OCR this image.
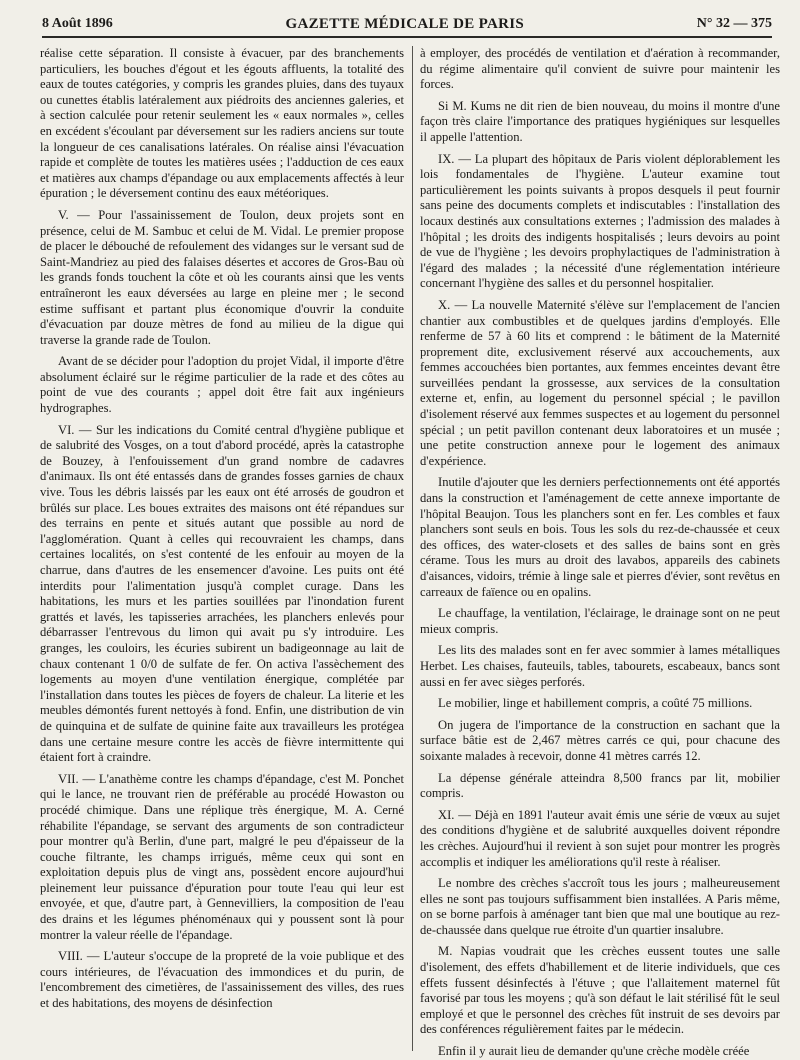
8 Août 1896	GAZETTE MÉDICALE DE PARIS	N° 32 — 375

réalise cette séparation. Il consiste à évacuer, par des branchements particuliers, les bouches d'égout et les égouts affluents, la totalité des eaux de toutes catégories, y compris les grandes pluies, dans des tuyaux ou cunettes établis latéralement aux piédroits des anciennes galeries, et à section calculée pour retenir seulement les « eaux normales », celles en excédent s'écoulant par déversement sur les radiers anciens sur toute la longueur de ces canalisations latérales. On réalise ainsi l'évacuation rapide et complète de toutes les matières usées ; l'adduction de ces eaux et matières aux champs d'épandage ou aux emplacements affectés à leur épuration ; le déversement continu des eaux météoriques.

V. — Pour l'assainissement de Toulon, deux projets sont en présence, celui de M. Sambuc et celui de M. Vidal. Le premier propose de placer le débouché de refoulement des vidanges sur le versant sud de Saint-Mandriez au pied des falaises désertes et accores de Gros-Bau où les grands fonds touchent la côte et où les courants ainsi que les vents entraîneront les eaux déversées au large en pleine mer ; le second estime suffisant et partant plus économique d'ouvrir la conduite d'évacuation par douze mètres de fond au milieu de la digue qui traverse la grande rade de Toulon.

Avant de se décider pour l'adoption du projet Vidal, il importe d'être absolument éclairé sur le régime particulier de la rade et des côtes au point de vue des courants ; appel doit être fait aux ingénieurs hydrographes.

VI. — Sur les indications du Comité central d'hygiène publique et de salubrité des Vosges, on a tout d'abord procédé, après la catastrophe de Bouzey, à l'enfouissement d'un grand nombre de cadavres d'animaux. Ils ont été entassés dans de grandes fosses garnies de chaux vive. Tous les débris laissés par les eaux ont été arrosés de goudron et brûlés sur place. Les boues extraites des maisons ont été répandues sur des terrains en pente et situés autant que possible au nord de l'agglomération. Quant à celles qui recouvraient les champs, dans certaines localités, on s'est contenté de les enfouir au moyen de la charrue, dans d'autres de les ensemencer d'avoine. Les puits ont été interdits pour l'alimentation jusqu'à complet curage. Dans les habitations, les murs et les parties souillées par l'inondation furent grattés et lavés, les tapisseries arrachées, les planchers enlevés pour débarrasser l'entrevous du limon qui avait pu s'y introduire. Les granges, les couloirs, les écuries subirent un badigeonnage au lait de chaux contenant 1 0/0 de sulfate de fer. On activa l'assèchement des logements au moyen d'une ventilation énergique, complétée par l'installation dans toutes les pièces de foyers de chaleur. La literie et les meubles démontés furent nettoyés à fond. Enfin, une distribution de vin de quinquina et de sulfate de quinine faite aux travailleurs les protégea dans une certaine mesure contre les accès de fièvre intermittente qui étaient fort à craindre.

VII. — L'anathème contre les champs d'épandage, c'est M. Ponchet qui le lance, ne trouvant rien de préférable au procédé Howaston ou procédé chimique. Dans une réplique très énergique, M. A. Cerné réhabilite l'épandage, se servant des arguments de son contradicteur pour montrer qu'à Berlin, d'une part, malgré le peu d'épaisseur de la couche filtrante, les champs irrigués, même ceux qui sont en exploitation depuis plus de vingt ans, possèdent encore aujourd'hui pleinement leur puissance d'épuration pour toute l'eau qui leur est envoyée, et que, d'autre part, à Gennevilliers, la composition de l'eau des drains et les légumes phénoménaux qui y poussent sont là pour montrer la valeur réelle de l'épandage.

VIII. — L'auteur s'occupe de la propreté de la voie publique et des cours intérieures, de l'évacuation des immondices et du purin, de l'encombrement des cimetières, de l'assainissement des villes, des rues et des habitations, des moyens de désinfection

à employer, des procédés de ventilation et d'aération à recommander, du régime alimentaire qu'il convient de suivre pour maintenir les forces.

Si M. Kums ne dit rien de bien nouveau, du moins il montre d'une façon très claire l'importance des pratiques hygiéniques sur lesquelles il appelle l'attention.

IX. — La plupart des hôpitaux de Paris violent déplorablement les lois fondamentales de l'hygiène. L'auteur examine tout particulièrement les points suivants à propos desquels il peut fournir sans peine des documents complets et indiscutables : l'installation des locaux destinés aux consultations externes ; l'admission des malades à l'hôpital ; les droits des indigents hospitalisés ; leurs devoirs au point de vue de l'hygiène ; les devoirs prophylactiques de l'administration à l'égard des malades ; la nécessité d'une réglementation intérieure concernant l'hygiène des salles et du personnel hospitalier.

X. — La nouvelle Maternité s'élève sur l'emplacement de l'ancien chantier aux combustibles et de quelques jardins d'employés. Elle renferme de 57 à 60 lits et comprend : le bâtiment de la Maternité proprement dite, exclusivement réservé aux accouchements, aux femmes accouchées bien portantes, aux femmes enceintes devant être surveillées pendant la grossesse, aux services de la consultation externe et, enfin, au logement du personnel spécial ; le pavillon d'isolement réservé aux femmes suspectes et au logement du personnel spécial ; un petit pavillon contenant deux laboratoires et un musée ; une petite construction annexe pour le logement des animaux d'expérience.

Inutile d'ajouter que les derniers perfectionnements ont été apportés dans la construction et l'aménagement de cette annexe importante de l'hôpital Beaujon. Tous les planchers sont en fer. Les combles et faux planchers sont seuls en bois. Tous les sols du rez-de-chaussée et ceux des offices, des water-closets et des salles de bains sont en grès cérame. Tous les murs au droit des lavabos, appareils des cabinets d'aisances, vidoirs, trémie à linge sale et pierres d'évier, sont revêtus en carreaux de faïence ou en opalins.

Le chauffage, la ventilation, l'éclairage, le drainage sont on ne peut mieux compris.

Les lits des malades sont en fer avec sommier à lames métalliques Herbet. Les chaises, fauteuils, tables, tabourets, escabeaux, bancs sont aussi en fer avec sièges perforés.

Le mobilier, linge et habillement compris, a coûté 75 millions.

On jugera de l'importance de la construction en sachant que la surface bâtie est de 2,467 mètres carrés ce qui, pour chacune des soixante malades à recevoir, donne 41 mètres carrés 12.

La dépense générale atteindra 8,500 francs par lit, mobilier compris.

XI. — Déjà en 1891 l'auteur avait émis une série de vœux au sujet des conditions d'hygiène et de salubrité auxquelles doivent répondre les crèches. Aujourd'hui il revient à son sujet pour montrer les progrès accomplis et indiquer les améliorations qu'il reste à réaliser.

Le nombre des crèches s'accroît tous les jours ; malheureusement elles ne sont pas toujours suffisamment bien installées. A Paris même, on se borne parfois à aménager tant bien que mal une boutique au rez-de-chaussée dans quelque rue étroite d'un quartier insalubre.

M. Napias voudrait que les crèches eussent toutes une salle d'isolement, des effets d'habillement et de literie individuels, que ces effets fussent désinfectés à l'étuve ; que l'allaitement maternel fût favorisé par tous les moyens ; qu'à son défaut le lait stérilisé fût le seul employé et que le personnel des crèches fût instruit de ses devoirs par des conférences régulièrement faites par le médecin.

Enfin il y aurait lieu de demander qu'une crèche modèle créée
